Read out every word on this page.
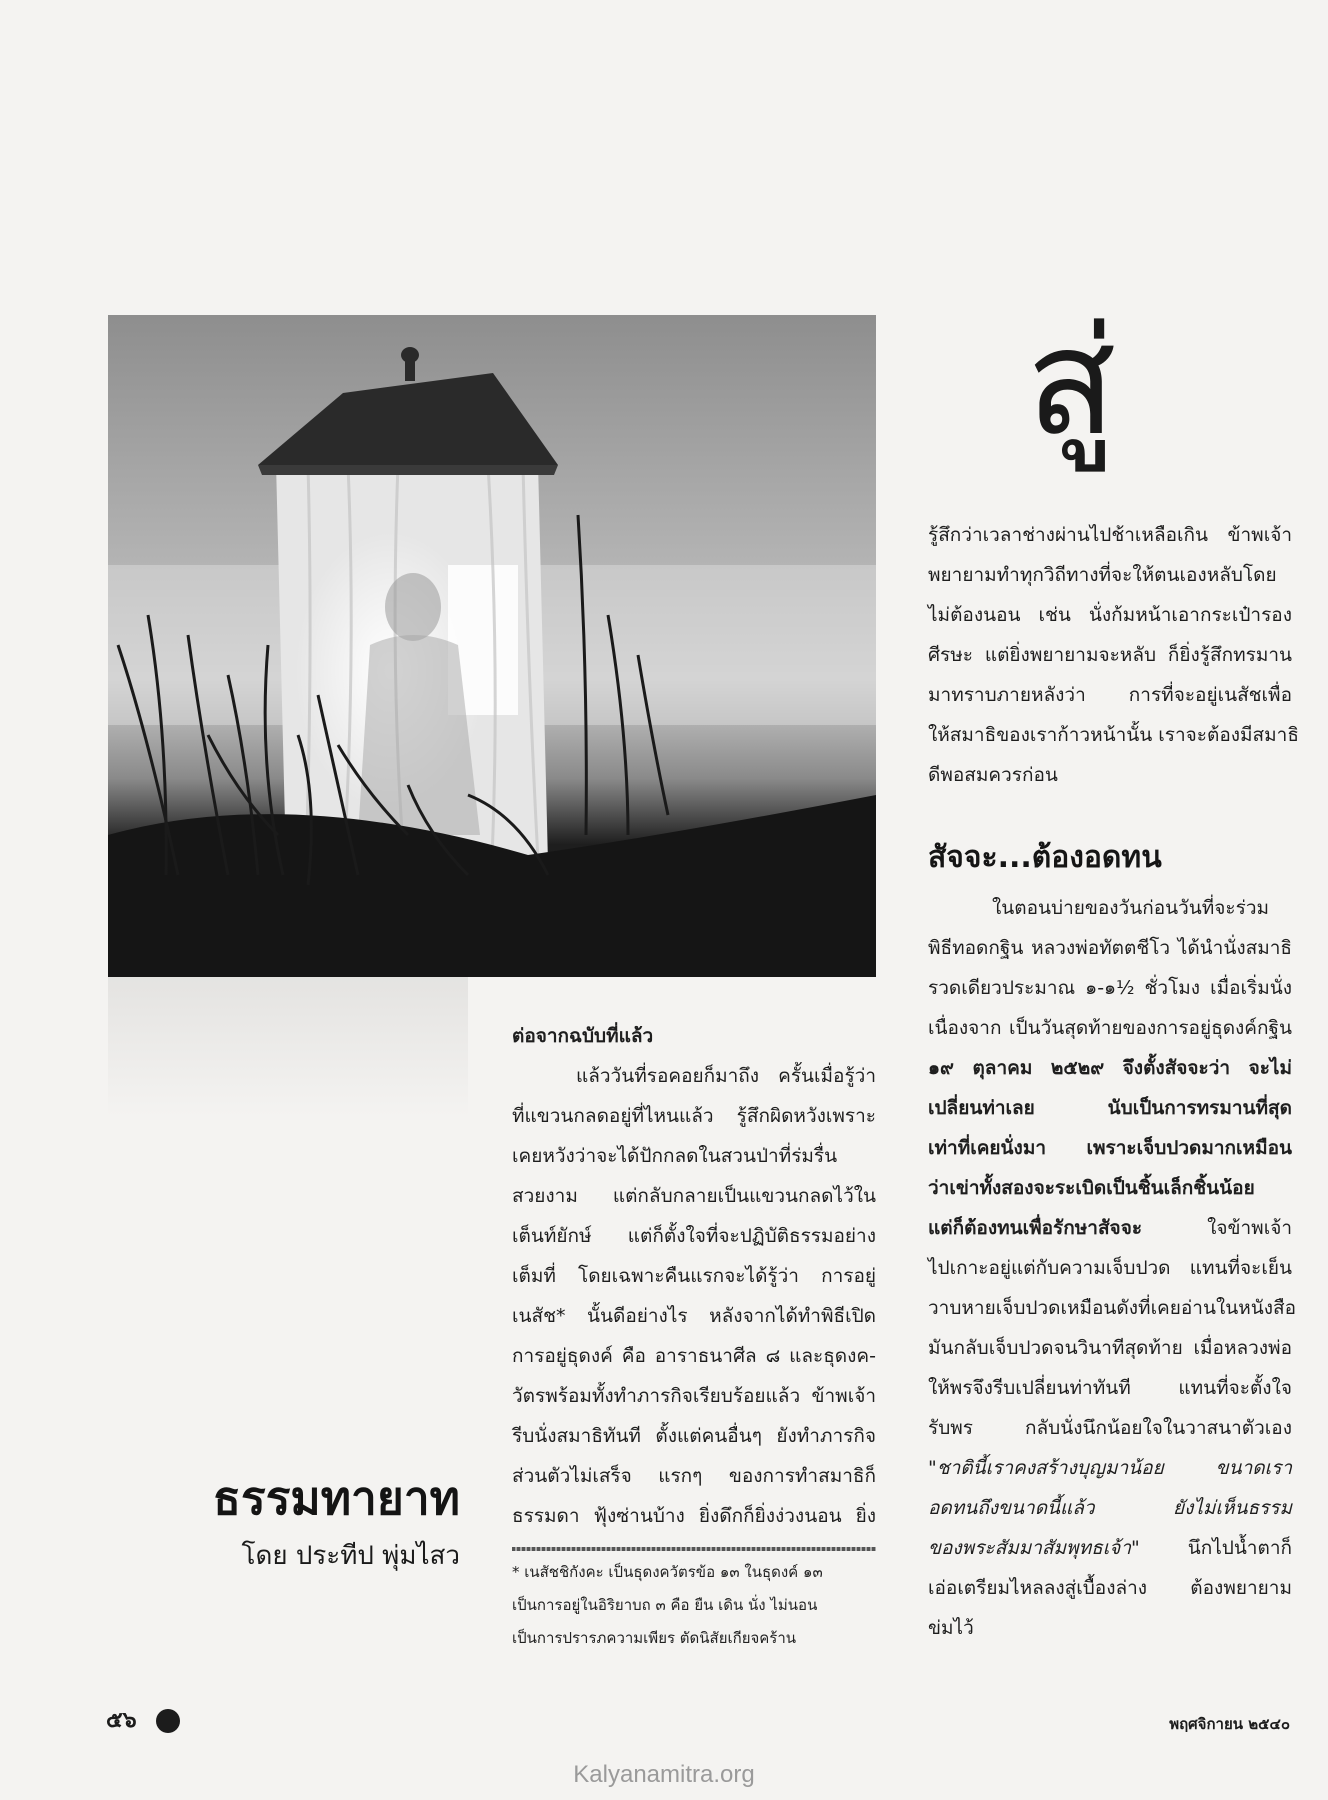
สู่

รู้สึกว่าเวลาช่างผ่านไปช้าเหลือเกิน ข้าพเจ้า

พยายามทำทุกวิถีทางที่จะให้ตนเองหลับโดย

ไม่ต้องนอน เช่น นั่งก้มหน้าเอากระเป๋ารอง

ศีรษะ แต่ยิ่งพยายามจะหลับ ก็ยิ่งรู้สึกทรมาน

มาทราบภายหลังว่า การที่จะอยู่เนสัชเพื่อ

ให้สมาธิของเราก้าวหน้านั้น เราจะต้องมีสมาธิ

ดีพอสมควรก่อน

สัจจะ...ต้องอดทน

ในตอนบ่ายของวันก่อนวันที่จะร่วม

พิธีทอดกฐิน หลวงพ่อทัตตชีโว ได้นำนั่งสมาธิ

รวดเดียวประมาณ ๑-๑½ ชั่วโมง เมื่อเริ่มนั่ง

เนื่องจาก เป็นวันสุดท้ายของการอยู่ธุดงค์กฐิน

๑๙ ตุลาคม ๒๕๒๙ จึงตั้งสัจจะว่า จะไม่

เปลี่ยนท่าเลย นับเป็นการทรมานที่สุด

เท่าที่เคยนั่งมา เพราะเจ็บปวดมากเหมือน

ว่าเข่าทั้งสองจะระเบิดเป็นชิ้นเล็กชิ้นน้อย

แต่ก็ต้องทนเพื่อรักษาสัจจะ ใจข้าพเจ้า

ไปเกาะอยู่แต่กับความเจ็บปวด แทนที่จะเย็น

วาบหายเจ็บปวดเหมือนดังที่เคยอ่านในหนังสือ

มันกลับเจ็บปวดจนวินาทีสุดท้าย เมื่อหลวงพ่อ

ให้พรจึงรีบเปลี่ยนท่าทันที แทนที่จะตั้งใจ

รับพร กลับนั่งนึกน้อยใจในวาสนาตัวเอง

"ชาตินี้เราคงสร้างบุญมาน้อย ขนาดเรา

อดทนถึงขนาดนี้แล้ว ยังไม่เห็นธรรม

ของพระสัมมาสัมพุทธเจ้า" นึกไปน้ำตาก็

เอ่อเตรียมไหลลงสู่เบื้องล่าง ต้องพยายาม

ข่มไว้

ต่อจากฉบับที่แล้ว

แล้ววันที่รอคอยก็มาถึง ครั้นเมื่อรู้ว่า

ที่แขวนกลดอยู่ที่ไหนแล้ว รู้สึกผิดหวังเพราะ

เคยหวังว่าจะได้ปักกลดในสวนป่าที่ร่มรื่น

สวยงาม แต่กลับกลายเป็นแขวนกลดไว้ใน

เต็นท์ยักษ์ แต่ก็ตั้งใจที่จะปฏิบัติธรรมอย่าง

เต็มที่ โดยเฉพาะคืนแรกจะได้รู้ว่า การอยู่

เนสัช* นั้นดีอย่างไร หลังจากได้ทำพิธีเปิด

การอยู่ธุดงค์ คือ อาราธนาศีล ๘ และธุดงค-

วัตรพร้อมทั้งทำภารกิจเรียบร้อยแล้ว ข้าพเจ้า

รีบนั่งสมาธิทันที ตั้งแต่คนอื่นๆ ยังทำภารกิจ

ส่วนตัวไม่เสร็จ แรกๆ ของการทำสมาธิก็

ธรรมดา ฟุ้งซ่านบ้าง ยิ่งดึกก็ยิ่งง่วงนอน ยิ่ง

* เนสัชชิกังคะ เป็นธุดงควัตรข้อ ๑๓ ในธุดงค์ ๑๓

เป็นการอยู่ในอิริยาบถ ๓ คือ ยืน เดิน นั่ง ไม่นอน

เป็นการปรารภความเพียร ตัดนิสัยเกียจคร้าน

ธรรมทายาท
โดย ประทีป พุ่มไสว
๕๖	พฤศจิกายน ๒๕๔๐
Kalyanamitra.org
